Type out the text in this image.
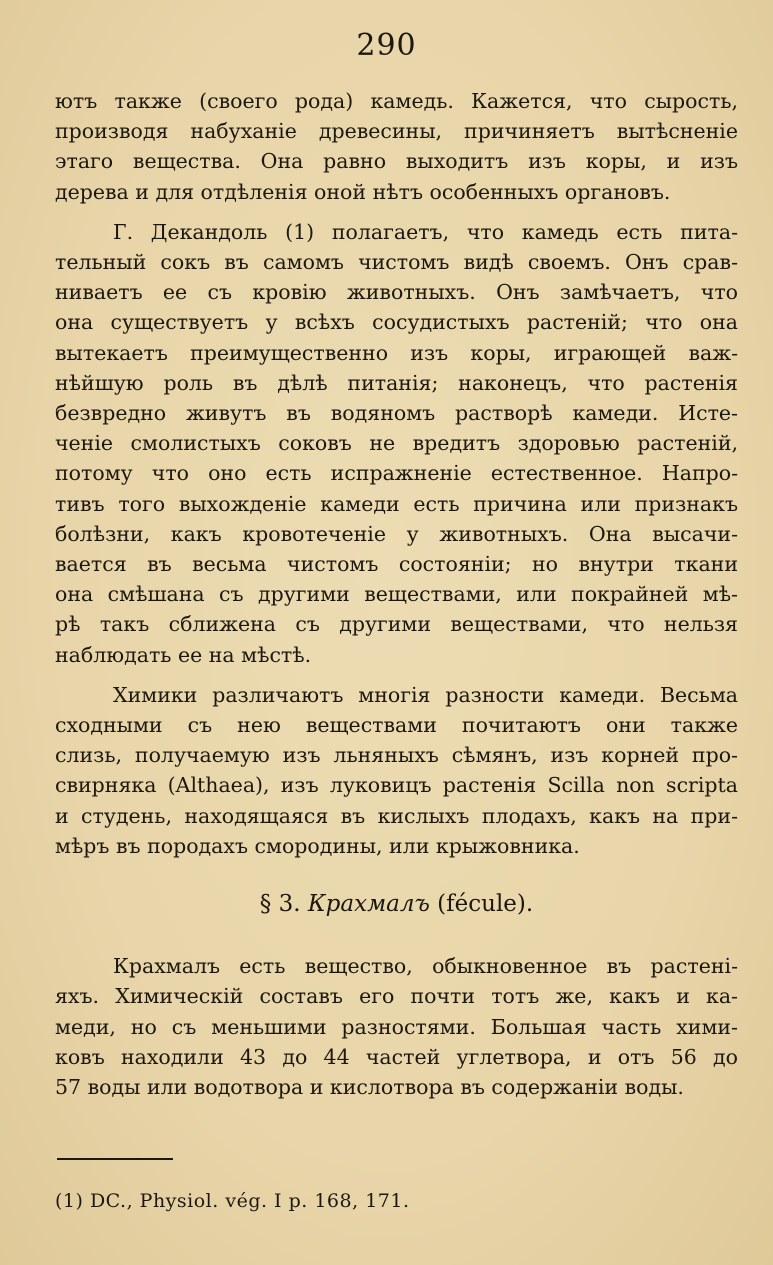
290
ютъ также (своего рода) камедь. Кажется, что сырость,
производя набуханіе древесины, причиняетъ вытѣсненіе
этаго вещества. Она равно выходитъ изъ коры, и изъ
дерева и для отдѣленія оной нѣтъ особенныхъ органовъ.
Г. Декандоль (1) полагаетъ, что камедь есть пита-
тельный сокъ въ самомъ чистомъ видѣ своемъ. Онъ срав-
ниваетъ ее съ кровію животныхъ. Онъ замѣчаетъ, что
она существуетъ у всѣхъ сосудистыхъ растеній; что она
вытекаетъ преимущественно изъ коры, играющей важ-
нѣйшую роль въ дѣлѣ питанія; наконецъ, что растенія
безвредно живутъ въ водяномъ растворѣ камеди. Исте-
ченіе смолистыхъ соковъ не вредитъ здоровью растеній,
потому что оно есть испражненіе естественное. Напро-
тивъ того выхожденіе камеди есть причина или признакъ
болѣзни, какъ кровотеченіе у животныхъ. Она высачи-
вается въ весьма чистомъ состояніи; но внутри ткани
она смѣшана съ другими веществами, или покрайней мѣ-
рѣ такъ сближена съ другими веществами, что нельзя
наблюдать ее на мѣстѣ.
Химики различаютъ многія разности камеди. Весьма
сходными съ нею веществами почитаютъ они также
слизь, получаемую изъ льняныхъ сѣмянъ, изъ корней про-
свирняка (Althaea), изъ луковицъ растенія Scilla non scripta
и студень, находящаяся въ кислыхъ плодахъ, какъ на при-
мѣръ въ породахъ смородины, или крыжовника.
§ 3. Крахмалъ (fécule).
Крахмалъ есть вещество, обыкновенное въ растені-
яхъ. Химическій составъ его почти тотъ же, какъ и ка-
меди, но съ меньшими разностями. Большая часть хими-
ковъ находили 43 до 44 частей углетвора, и отъ 56 до
57 воды или водотвора и кислотвора въ содержаніи воды.
(1) DC., Physiol. vég. I p. 168, 171.
